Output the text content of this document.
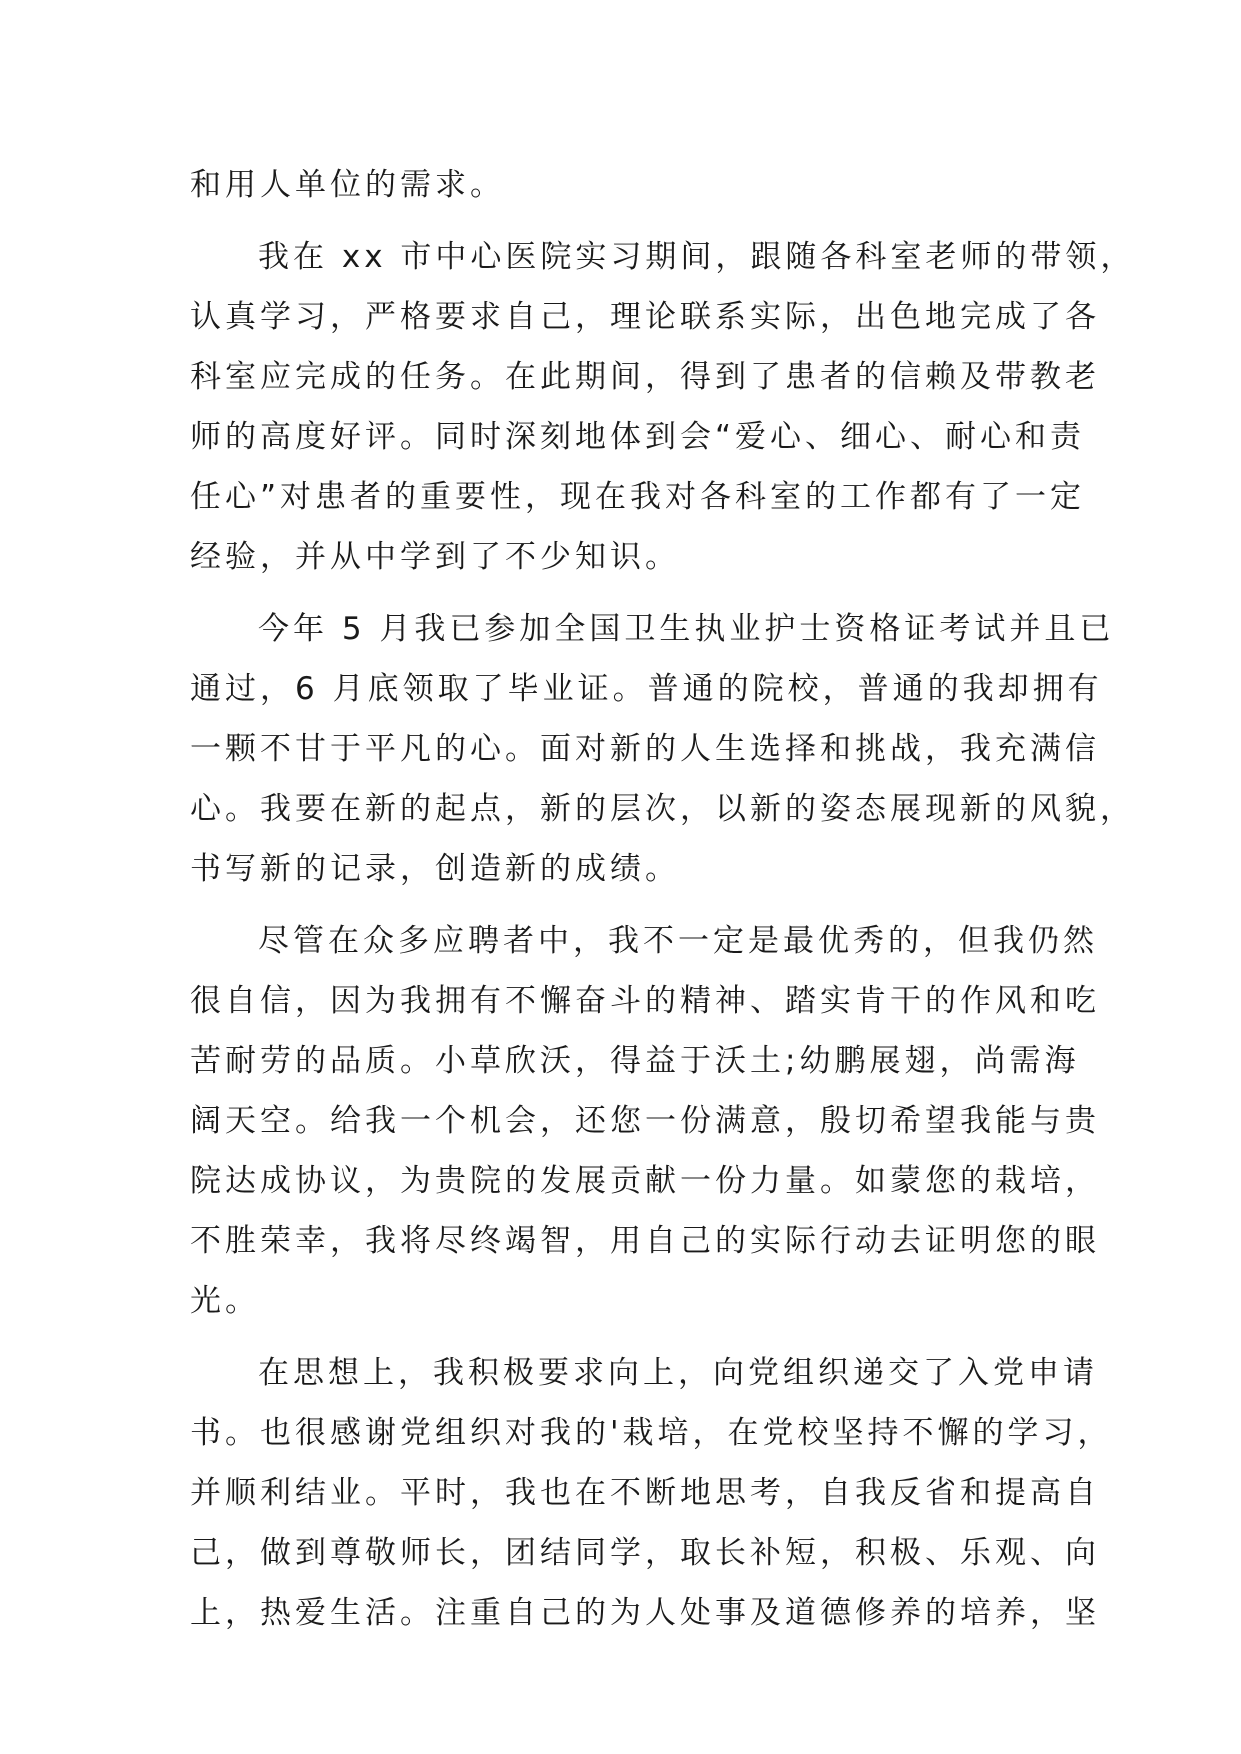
和用人单位的需求。
我在 xx 市中心医院实习期间，跟随各科室老师的带领，
认真学习，严格要求自己，理论联系实际，出色地完成了各
科室应完成的任务。在此期间，得到了患者的信赖及带教老
师的高度好评。同时深刻地体到会“爱心、细心、耐心和责
任心”对患者的重要性，现在我对各科室的工作都有了一定
经验，并从中学到了不少知识。
今年 5 月我已参加全国卫生执业护士资格证考试并且已
通过，6 月底领取了毕业证。普通的院校，普通的我却拥有
一颗不甘于平凡的心。面对新的人生选择和挑战，我充满信
心。我要在新的起点，新的层次，以新的姿态展现新的风貌，
书写新的记录，创造新的成绩。
尽管在众多应聘者中，我不一定是最优秀的，但我仍然
很自信，因为我拥有不懈奋斗的精神、踏实肯干的作风和吃
苦耐劳的品质。小草欣沃，得益于沃土;幼鹏展翅，尚需海
阔天空。给我一个机会，还您一份满意，殷切希望我能与贵
院达成协议，为贵院的发展贡献一份力量。如蒙您的栽培，
不胜荣幸，我将尽终竭智，用自己的实际行动去证明您的眼
光。
在思想上，我积极要求向上，向党组织递交了入党申请
书。也很感谢党组织对我的'栽培，在党校坚持不懈的学习，
并顺利结业。平时，我也在不断地思考，自我反省和提高自
己，做到尊敬师长，团结同学，取长补短，积极、乐观、向
上，热爱生活。注重自己的为人处事及道德修养的培养，坚
